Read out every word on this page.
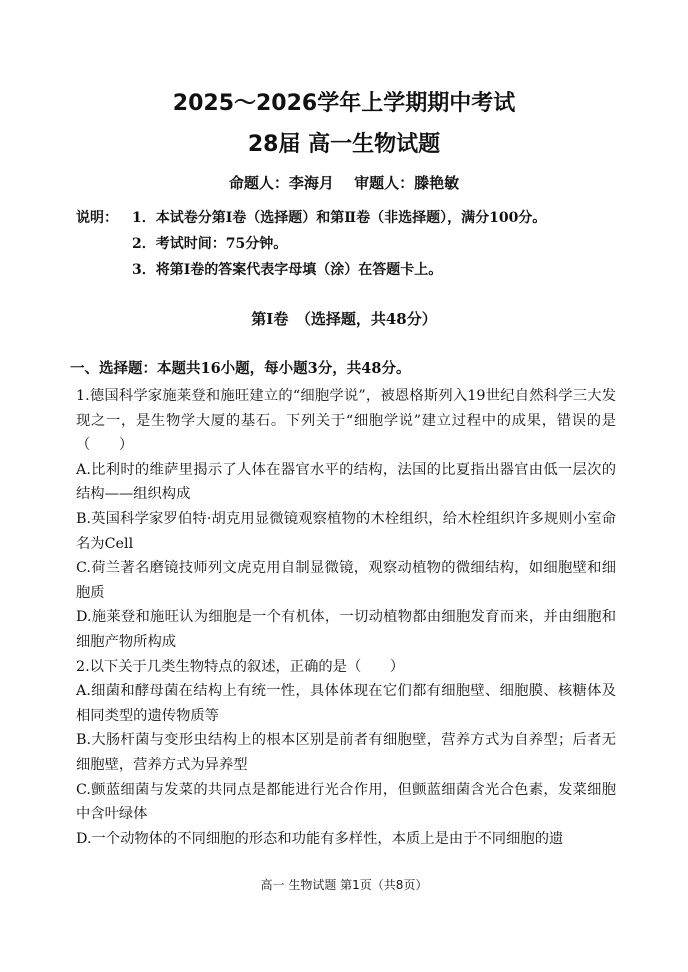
2025～2026学年上学期期中考试
28届 高一生物试题
命题人：李海月　 审题人：滕艳敏
说明：	1．本试卷分第Ⅰ卷（选择题）和第Ⅱ卷（非选择题），满分100分。
2．考试时间：75分钟。
3．将第Ⅰ卷的答案代表字母填（涂）在答题卡上。
第Ⅰ卷　（选择题，共48分）
一、选择题：本题共16小题，每小题3分，共48分。

1.德国科学家施莱登和施旺建立的“细胞学说”，被恩格斯列入19世纪自然科学三大发现之一，是生物学大厦的基石。下列关于“细胞学说”建立过程中的成果，错误的是（　　）

A.比利时的维萨里揭示了人体在器官水平的结构，法国的比夏指出器官由低一层次的结构——组织构成

B.英国科学家罗伯特·胡克用显微镜观察植物的木栓组织，给木栓组织许多规则小室命名为Cell

C.荷兰著名磨镜技师列文虎克用自制显微镜，观察动植物的微细结构，如细胞壁和细胞质

D.施莱登和施旺认为细胞是一个有机体，一切动植物都由细胞发育而来，并由细胞和细胞产物所构成

2.以下关于几类生物特点的叙述，正确的是（　　）

A.细菌和酵母菌在结构上有统一性，具体体现在它们都有细胞壁、细胞膜、核糖体及相同类型的遗传物质等

B.大肠杆菌与变形虫结构上的根本区别是前者有细胞壁，营养方式为自养型；后者无细胞壁，营养方式为异养型

C.颤蓝细菌与发菜的共同点是都能进行光合作用，但颤蓝细菌含光合色素，发菜细胞中含叶绿体

D.一个动物体的不同细胞的形态和功能有多样性，本质上是由于不同细胞的遗

高一 生物试题 第1页（共8页）
